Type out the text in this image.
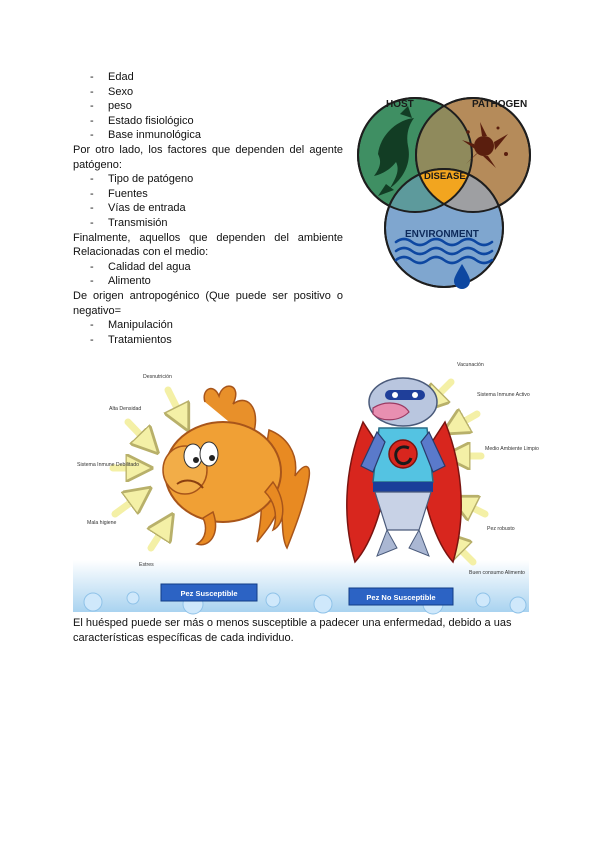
- Edad
- Sexo
- peso
- Estado fisiológico
- Base inmunológica

Por otro lado, los factores que dependen del agente patógeno:

- Tipo de patógeno
- Fuentes
- Vías de entrada
- Transmisión

Finalmente, aquellos que dependen del ambiente Relacionadas con el medio:

- Calidad del agua
- Alimento

De origen antropogénico (Que puede ser positivo o negativo=

- Manipulación
- Tratamientos
HOST	PATHOGEN
DISEASE
ENVIRONMENT
Desnutrición
Alta Densidad
Sistema Inmune Debilitado
Mala higiene
Estres
Vacunación
Sistema Inmune Activo
Medio Ambiente Limpio
Pez robusto
Buen consumo Alimento
Pez Susceptible	Pez No Susceptible

El huésped puede ser más o menos susceptible a padecer una enfermedad, debido a uas características específicas de cada individuo.
